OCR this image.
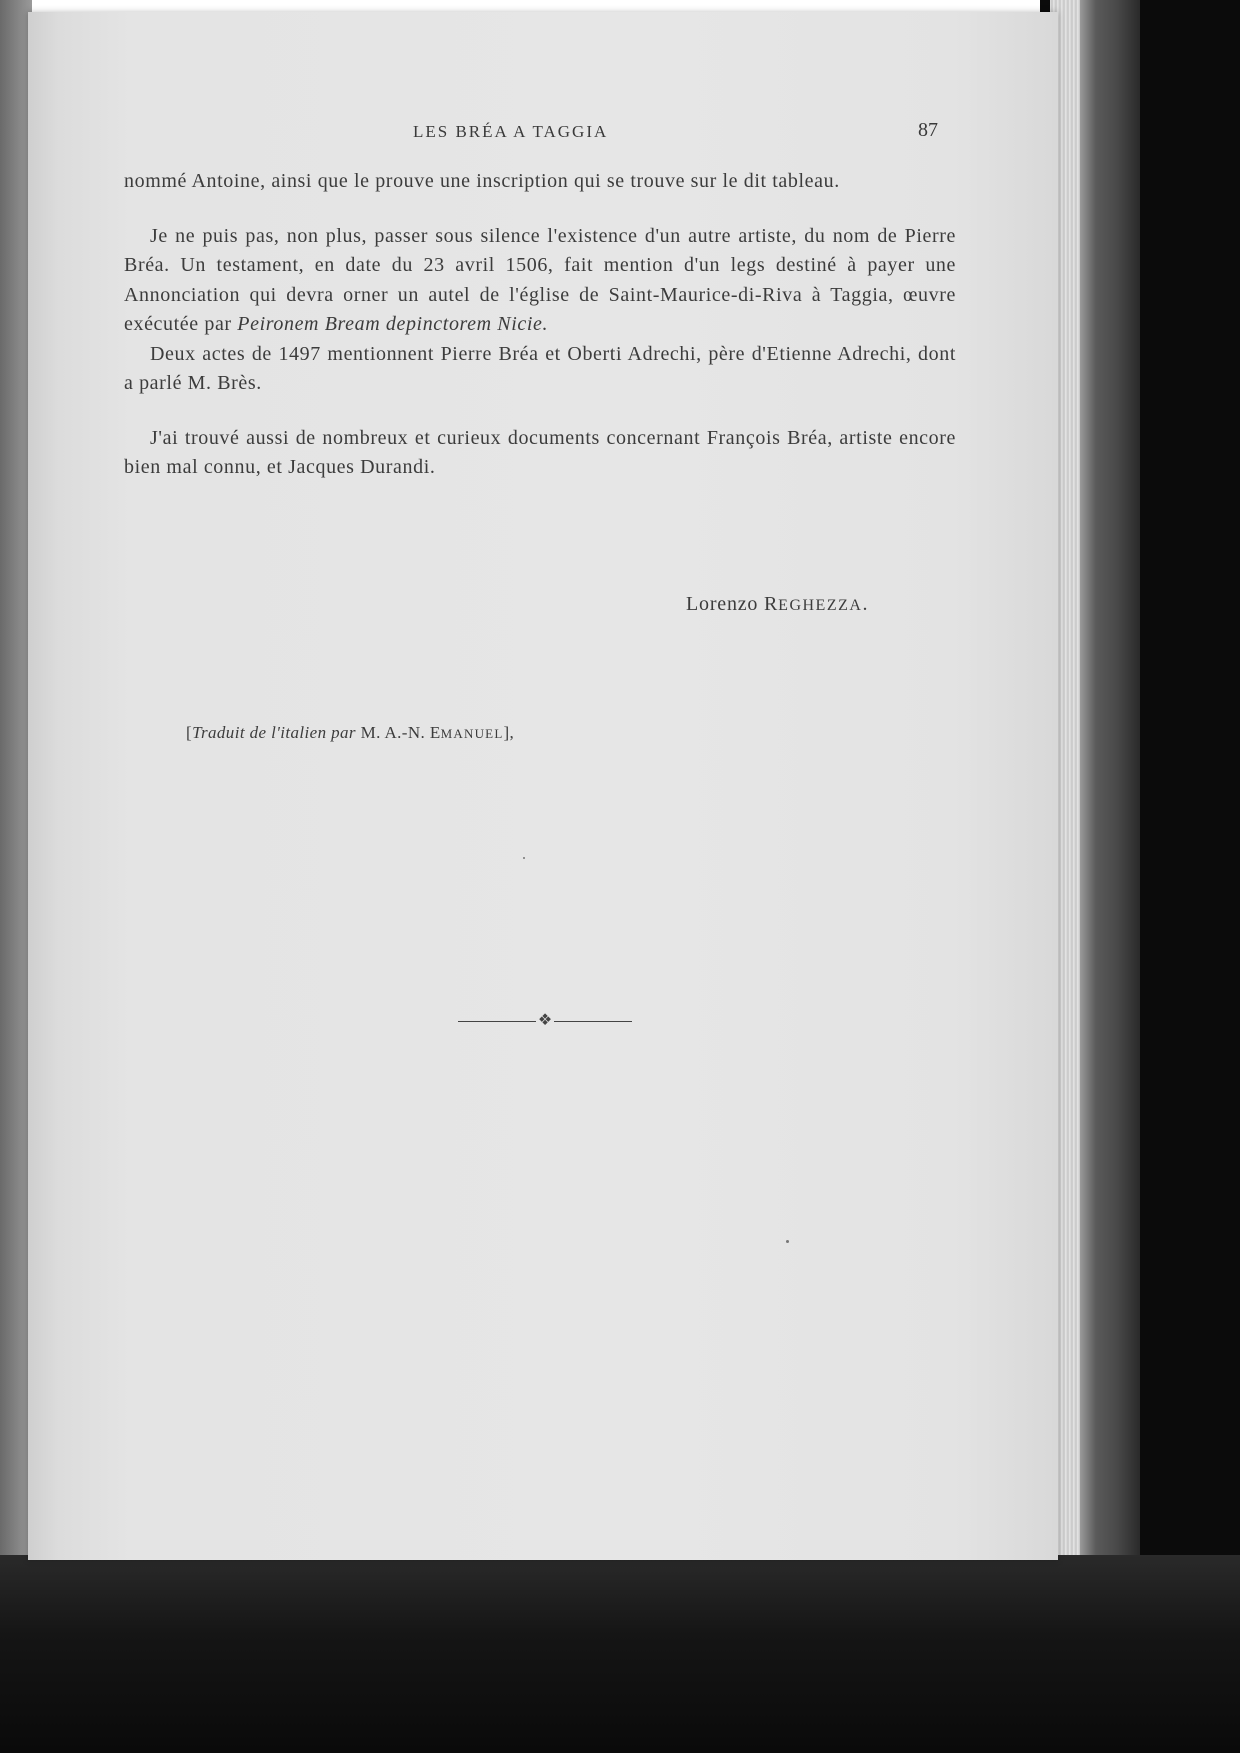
LES BRÉA A TAGGIA	87

nommé Antoine, ainsi que le prouve une inscription qui se trouve sur le dit tableau.

Je ne puis pas, non plus, passer sous silence l'existence d'un autre artiste, du nom de Pierre Bréa. Un testament, en date du 23 avril 1506, fait mention d'un legs destiné à payer une Annonciation qui devra orner un autel de l'église de Saint-Maurice-di-Riva à Taggia, œuvre exécutée par Peironem Bream depinctorem Nicie.

Deux actes de 1497 mentionnent Pierre Bréa et Oberti Adrechi, père d'Etienne Adrechi, dont a parlé M. Brès.

J'ai trouvé aussi de nombreux et curieux documents concernant François Bréa, artiste encore bien mal connu, et Jacques Durandi.

Lorenzo REGHEZZA.
[Traduit de l'italien par M. A.-N. EMANUEL],
❖
